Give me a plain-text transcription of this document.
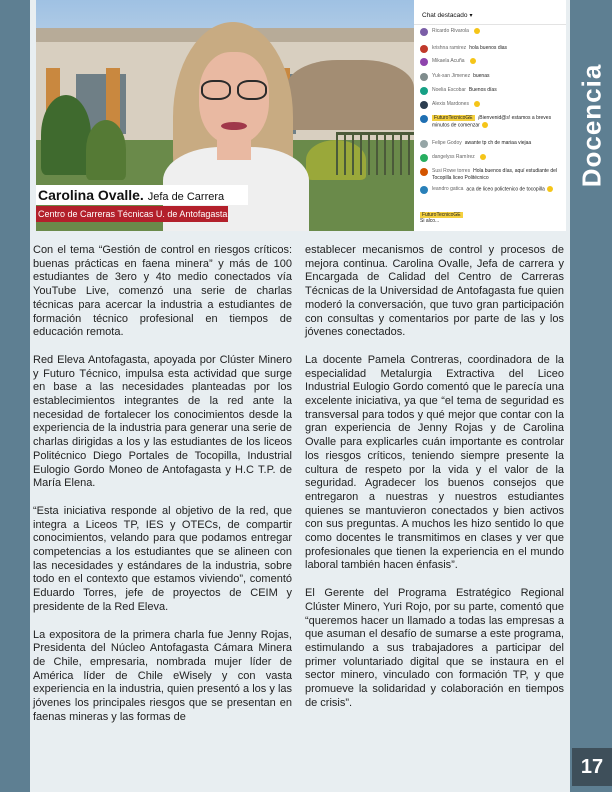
Docencia
Carolina Ovalle. Jefa de Carrera
Centro de Carreras Técnicas U. de Antofagasta
Chat destacado ▾
Ricardo Rivarola
krishna ramirez hola buenos dias
Mikaela Acuña
Yuk-san Jimenez buenas
Noelia Escobar Buenos días
Alexis Mardones
FuturoTecnicoGE ¡Bienvenid@s! estamos a breves minutos de comenzar
Felipe Godoy awante tp ch de mariaa viejaa
dangelyss Ramírez
Susi Rowe torres Hola buenos días, aquí estudiante del Tocopilla liceo Politécnico
leandro gatica aca de liceo polictenico de tocopilla
FuturoTecnicoGE
Si alco...

Con el tema “Gestión de control en riesgos críticos: buenas prácticas en faena minera” y más de 100 estudiantes de 3ero y 4to medio conectados vía YouTube Live, comenzó una serie de charlas técnicas para acercar la industria a estudiantes de formación técnico profesional en tiempos de educación remota.

Red Eleva Antofagasta, apoyada por Clúster Minero y Futuro Técnico, impulsa esta actividad que surge en base a las necesidades planteadas por los establecimientos integrantes de la red ante la necesidad de fortalecer los conocimientos desde la experiencia de la industria para generar una serie de charlas dirigidas a los y las estudiantes de los liceos Politécnico Diego Portales de Tocopilla, Industrial Eulogio Gordo Moneo de Antofagasta y H.C T.P. de María Elena.

“Esta iniciativa responde al objetivo de la red, que integra a Liceos TP, IES y OTECs, de compartir conocimientos, velando para que podamos entregar competencias a los estudiantes que se alineen con las necesidades y estándares de la industria, sobre todo en el contexto que estamos viviendo”, comentó Eduardo Torres, jefe de proyectos de CEIM y presidente de la Red Eleva.

La expositora de la primera charla fue Jenny Rojas, Presidenta del Núcleo Antofagasta Cámara Minera de Chile, empresaria, nombrada mujer líder de América líder de Chile eWisely y con vasta experiencia en la industria, quien presentó a los y las jóvenes los principales riesgos que se presentan en faenas mineras y las formas de

establecer mecanismos de control y procesos de mejora continua. Carolina Ovalle, Jefa de carrera y Encargada de Calidad del Centro de Carreras Técnicas de la Universidad de Antofagasta fue quien moderó la conversación, que tuvo gran participación con consultas y comentarios por parte de las y los jóvenes conectados.

La docente Pamela Contreras, coordinadora de la especialidad Metalurgia Extractiva del Liceo Industrial Eulogio Gordo comentó que le parecía una excelente iniciativa, ya que “el tema de seguridad es transversal para todos y qué mejor que contar con la gran experiencia de Jenny Rojas y de Carolina Ovalle para explicarles cuán importante es controlar los riesgos críticos, teniendo siempre presente la cultura de respeto por la vida y el valor de la seguridad. Agradecer los buenos consejos que entregaron a nuestras y nuestros estudiantes quienes se mantuvieron conectados y bien activos con sus preguntas. A muchos les hizo sentido lo que como docentes le transmitimos en clases y ver que profesionales que tienen la experiencia en el mundo laboral también hacen énfasis”.

El Gerente del Programa Estratégico Regional Clúster Minero, Yuri Rojo, por su parte, comentó que “queremos hacer un llamado a todas las empresas a que asuman el desafío de sumarse a este programa, estimulando a sus trabajadores a participar del primer voluntariado digital que se instaura en el sector minero, vinculado con formación TP, y que promueve la solidaridad y colaboración en tiempos de crisis”.

17
